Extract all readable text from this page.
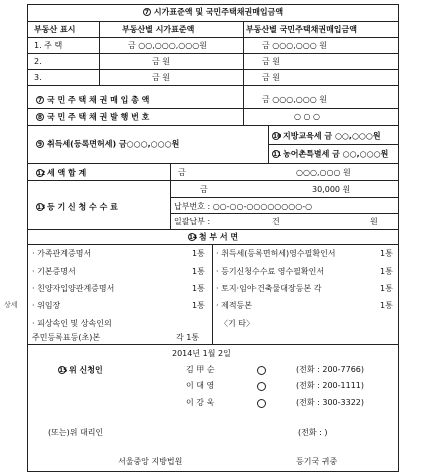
7 시가표준액 및 국민주택채권매입금액
부동산 표시	부동산별 시가표준액	부동산별 국민주택채권매입금액
1. 주 택	금 ○○,○○○,○○○원	금 ○○○,○○○ 원
2.	금 원	금 원
3.	금 원	금 원
7 국 민 주 택 채 권 매 입 총 액	금 ○○○,○○○ 원
8 국 민 주 택 채 권 발 행 번 호	○ ○ ○
9 취득세(등록면허세) 금○○○,○○○원
10 지방교육세 금 ○○,○○○원
11 농어촌특별세 금 ○○,○○○원
12 세 액 합 계	금	○○○,○○○ 원
13 등 기 신 청 수 수 료
금	30,000 원
납부번호 : ○○-○○-○○○○○○○○-○
일괄납부 :	건	원
14 첨 부 서 면
· 가족관계증명서	1통
· 기본증명서	1통
· 친양자입양관계증명서	1통
· 위임장	1통
· 피상속인 및 상속인의
주민등록표등(초)본	각 1통
· 취득세(등록면허세)영수필확인서	1통
· 등기신청수수료 영수필확인서	1통
· 토지·임야·건축물대장등본 각	1통
· 제적등본	1통
〈기 타〉
상세
2014년 1월 2일
15 위 신청인	김 甲 순	(전화 : 200-7766)
이 대 영	(전화 : 200-1111)
이 강 욱	(전화 : 300-3322)
(또는)위 대리인	(전화 : )
서울중앙 지방법원	등기국 귀중
